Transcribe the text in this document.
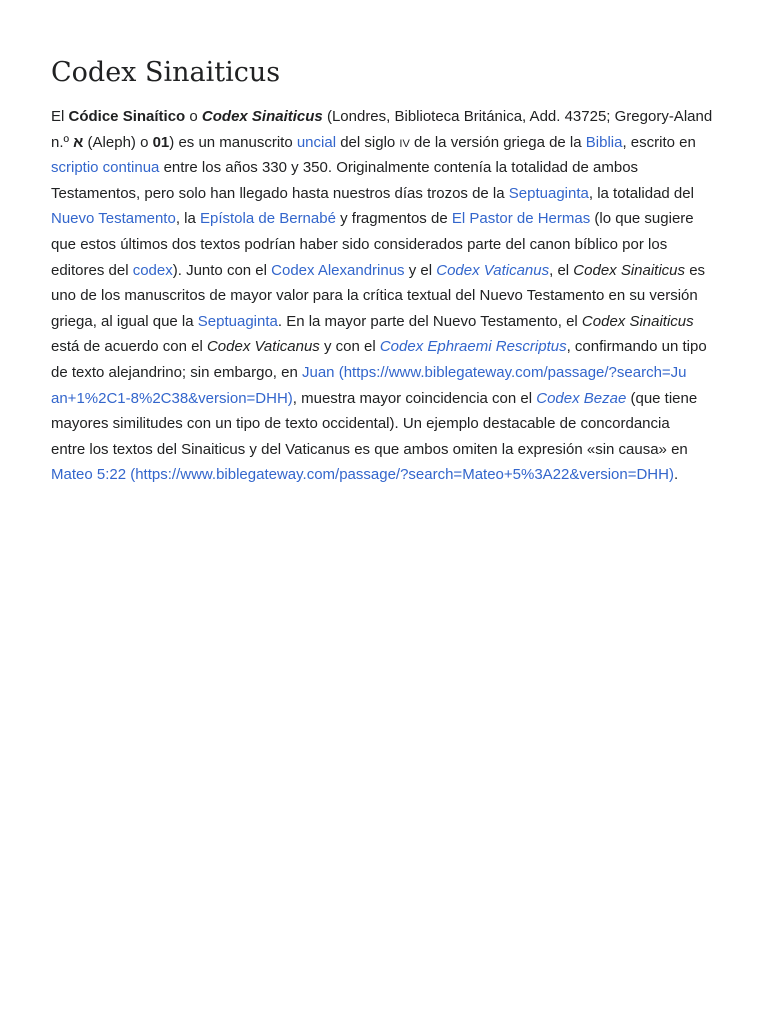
Codex Sinaiticus
El Códice Sinaítico o Codex Sinaiticus (Londres, Biblioteca Británica, Add. 43725; Gregory-Aland
n.º א (Aleph) o 01) es un manuscrito uncial del siglo iv de la versión griega de la Biblia, escrito en
scriptio continua entre los años 330 y 350. Originalmente contenía la totalidad de ambos
Testamentos, pero solo han llegado hasta nuestros días trozos de la Septuaginta, la totalidad del
Nuevo Testamento, la Epístola de Bernabé y fragmentos de El Pastor de Hermas (lo que sugiere
que estos últimos dos textos podrían haber sido considerados parte del canon bíblico por los
editores del codex). Junto con el Codex Alexandrinus y el Codex Vaticanus, el Codex Sinaiticus es
uno de los manuscritos de mayor valor para la crítica textual del Nuevo Testamento en su versión
griega, al igual que la Septuaginta. En la mayor parte del Nuevo Testamento, el Codex Sinaiticus
está de acuerdo con el Codex Vaticanus y con el Codex Ephraemi Rescriptus, confirmando un tipo
de texto alejandrino; sin embargo, en Juan (https://www.biblegateway.com/passage/?search=Ju
an+1%2C1-8%2C38&version=DHH), muestra mayor coincidencia con el Codex Bezae (que tiene
mayores similitudes con un tipo de texto occidental). Un ejemplo destacable de concordancia
entre los textos del Sinaiticus y del Vaticanus es que ambos omiten la expresión «sin causa» en
Mateo 5:22 (https://www.biblegateway.com/passage/?search=Mateo+5%3A22&version=DHH).
